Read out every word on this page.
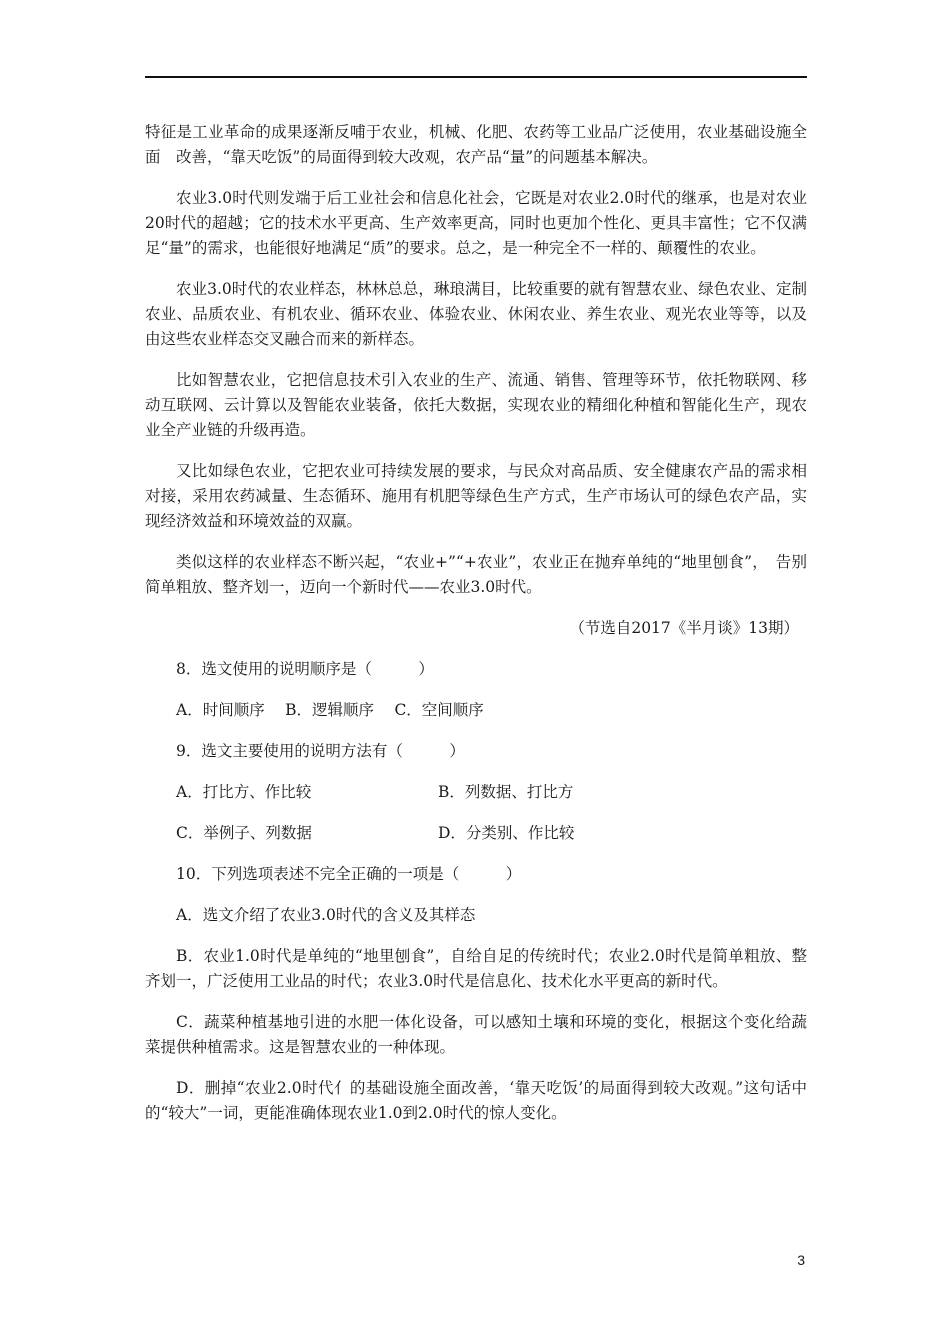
特征是工业革命的成果逐渐反哺于农业，机械、化肥、农药等工业品广泛使用，农业基础设施全面　改善，“靠天吃饭”的局面得到较大改观，农产品“量”的问题基本解决。

农业3.0时代则发端于后工业社会和信息化社会，它既是对农业2.0时代的继承，也是对农业20时代的超越；它的技术水平更高、生产效率更高，同时也更加个性化、更具丰富性；它不仅满足“量”的需求，也能很好地满足“质”的要求。总之，是一种完全不一样的、颠覆性的农业。

农业3.0时代的农业样态，林林总总，琳琅满目，比较重要的就有智慧农业、绿色农业、定制农业、品质农业、有机农业、循环农业、体验农业、休闲农业、养生农业、观光农业等等，以及由这些农业样态交叉融合而来的新样态。

比如智慧农业，它把信息技术引入农业的生产、流通、销售、管理等环节，依托物联网、移动互联网、云计算以及智能农业装备，依托大数据，实现农业的精细化种植和智能化生产，现农业全产业链的升级再造。

又比如绿色农业，它把农业可持续发展的要求，与民众对高品质、安全健康农产品的需求相对接，采用农药减量、生态循环、施用有机肥等绿色生产方式，生产市场认可的绿色农产品，实现经济效益和环境效益的双赢。

类似这样的农业样态不断兴起，“农业+”“+农业”，农业正在抛弃单纯的“地里刨食”，　告别简单粗放、整齐划一，迈向一个新时代——农业3.0时代。

（节选自2017《半月谈》13期）

8．选文使用的说明顺序是（　　　）

A．时间顺序　 B．逻辑顺序　 C．空间顺序

9．选文主要使用的说明方法有（　　　）

A．打比方、作比较	B．列数据、打比方
C．举例子、列数据	D．分类别、作比较

10．下列选项表述不完全正确的一项是（　　　）

A．选文介绍了农业3.0时代的含义及其样态

B．农业1.0时代是单纯的“地里刨食”，自给自足的传统时代；农业2.0时代是简单粗放、整齐划一，广泛使用工业品的时代；农业3.0时代是信息化、技术化水平更高的新时代。

C．蔬菜种植基地引进的水肥一体化设备，可以感知土壤和环境的变化，根据这个变化给蔬菜提供种植需求。这是智慧农业的一种体现。

D．删掉“农业2.0时代亻的基础设施全面改善，‘靠天吃饭’的局面得到较大改观。”这句话中的“较大”一词，更能准确体现农业1.0到2.0时代的惊人变化。

3
